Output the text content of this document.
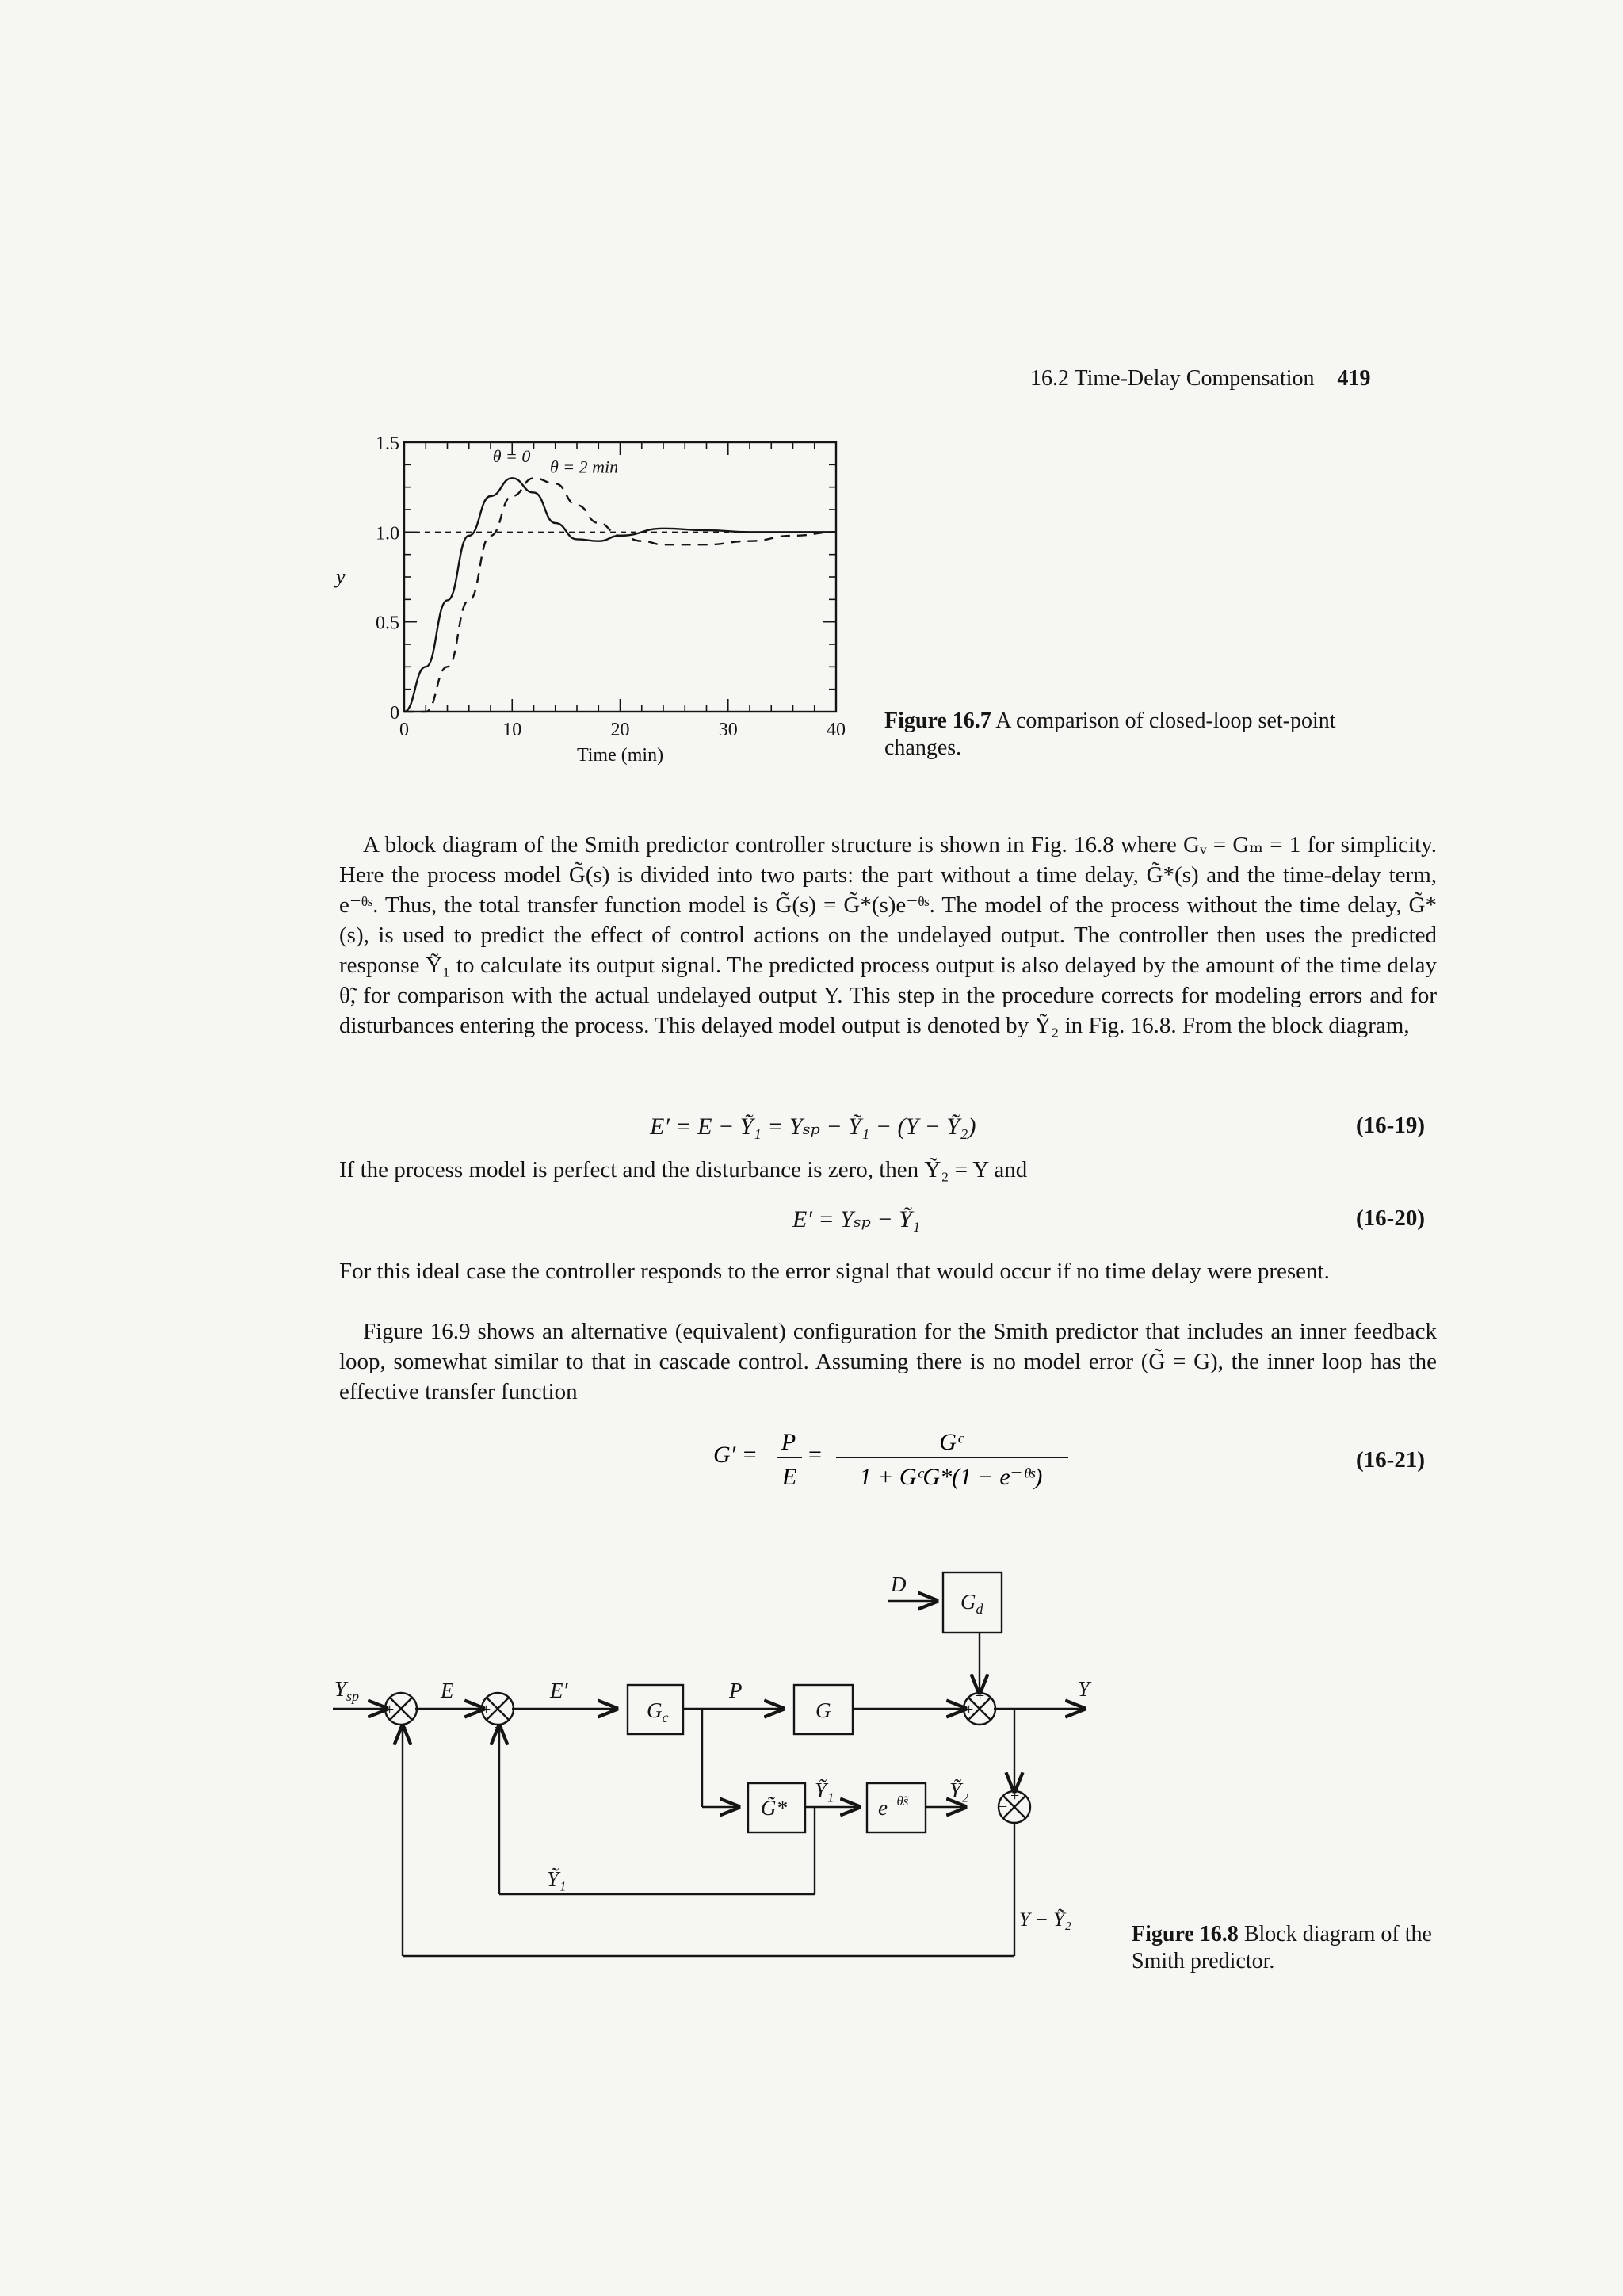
16.2 Time-Delay Compensation 419
0	10	20	30	40
0
0.5
1.0
1.5
Time (min)
y
θ = 0
θ = 2 min
Figure 16.7 A comparison of closed-loop set-point changes.
A block diagram of the Smith predictor controller structure is shown in Fig. 16.8 where Gᵥ = Gₘ = 1 for simplicity. Here the process model G̃(s) is divided into two parts: the part without a time delay, G̃*(s) and the time-delay term, e⁻ᶿˢ. Thus, the total transfer function model is G̃(s) = G̃*(s)e⁻ᶿˢ. The model of the process without the time delay, G̃*(s), is used to predict the effect of control actions on the undelayed output. The controller then uses the predicted response Ỹ₁ to calculate its output signal. The predicted process output is also delayed by the amount of the time delay θ̃, for comparison with the actual undelayed output Y. This step in the procedure corrects for modeling errors and for disturbances entering the process. This delayed model output is denoted by Ỹ₂ in Fig. 16.8. From the block diagram,
E′ = E − Ỹ₁ = Yₛₚ − Ỹ₁ − (Y − Ỹ₂)	(16-19)
If the process model is perfect and the disturbance is zero, then Ỹ₂ = Y and
E′ = Yₛₚ − Ỹ₁	(16-20)
For this ideal case the controller responds to the error signal that would occur if no time delay were present.
Figure 16.9 shows an alternative (equivalent) configuration for the Smith predictor that includes an inner feedback loop, somewhat similar to that in cascade control. Assuming there is no model error (G̃ = G), the inner loop has the effective transfer function
G′ = P
E
=	Gᶜ
1 + GᶜG*(1 − e⁻ᶿˢ)
(16-21)
$G_c$	G
$G_d$
G̃*	$e^{-\thetãs}$
$Y_{sp}$	E	E′	P	Y
D
Ỹ₁	Ỹ₂
Ỹ₁
Y − Ỹ₂
+
−
+
−
+
+
+
−
Figure 16.8 Block diagram of the Smith predictor.
